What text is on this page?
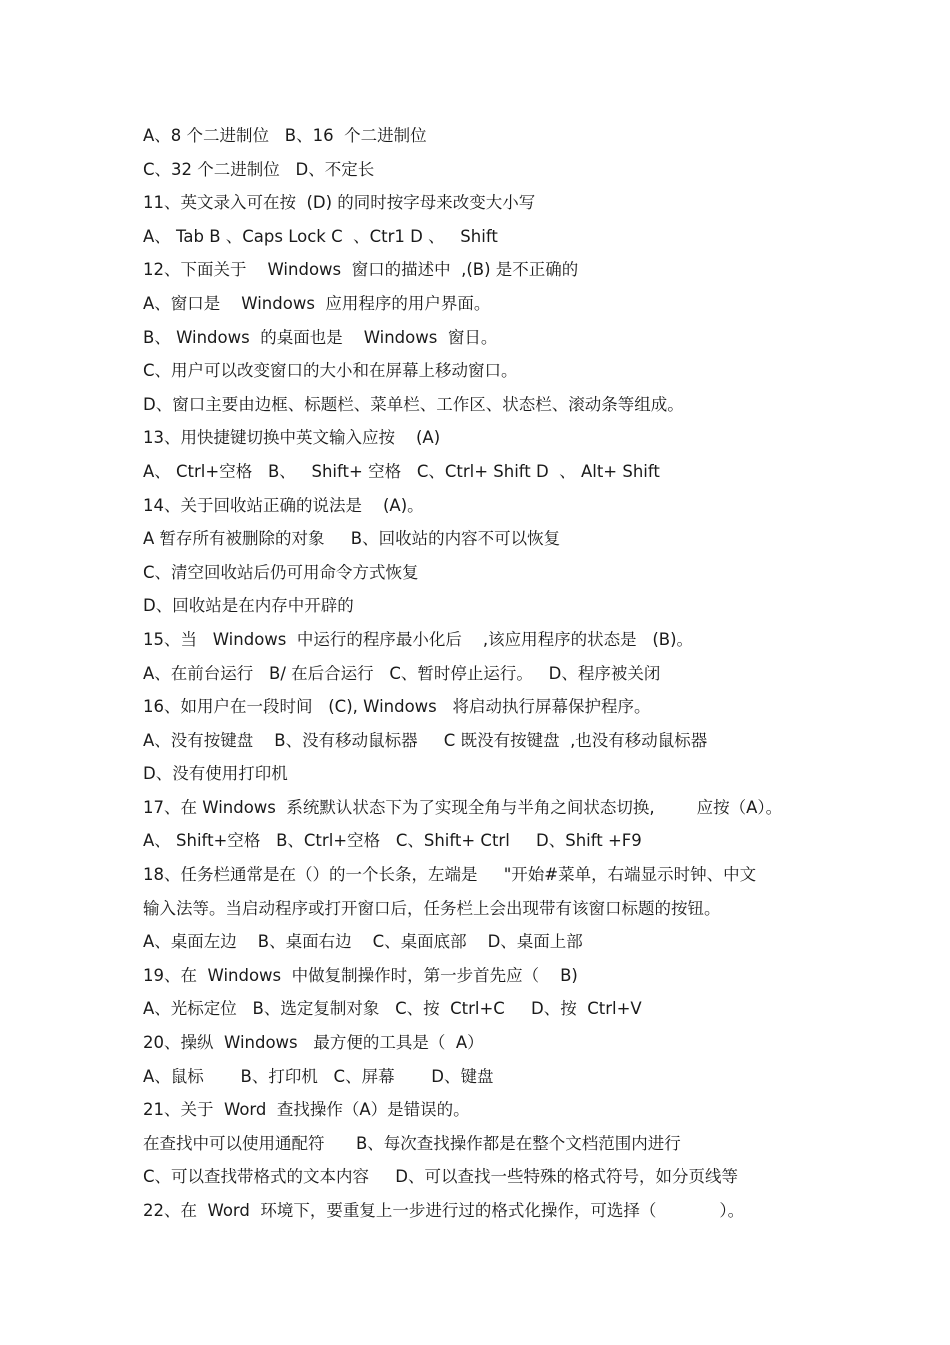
A、8 个二进制位   B、16  个二进制位
C、32 个二进制位   D、不定长
11、英文录入可在按  (D) 的同时按字母来改变大小写
A、 Tab B 、Caps Lock C  、Ctr1 D 、   Shift
12、下面关于    Windows  窗口的描述中  ,(B) 是不正确的
A、窗口是    Windows  应用程序的用户界面。
B、 Windows  的桌面也是    Windows  窗日。
C、用户可以改变窗口的大小和在屏幕上移动窗口。
D、窗口主要由边框、标题栏、菜单栏、工作区、状态栏、滚动条等组成。
13、用快捷键切换中英文输入应按    (A)
A、 Ctrl+空格   B、   Shift+ 空格   C、Ctrl+ Shift D  、 Alt+ Shift
14、关于回收站正确的说法是    (A)。
A 暂存所有被删除的对象     B、回收站的内容不可以恢复
C、清空回收站后仍可用命令方式恢复
D、回收站是在内存中开辟的
15、当   Windows  中运行的程序最小化后    ,该应用程序的状态是   (B)。
A、在前台运行   B/ 在后合运行   C、暂时停止运行。   D、程序被关闭
16、如用户在一段时间   (C), Windows   将启动执行屏幕保护程序。
A、没有按键盘    B、没有移动鼠标器     C 既没有按键盘  ,也没有移动鼠标器
D、没有使用打印机
17、在 Windows  系统默认状态下为了实现全角与半角之间状态切换,        应按（A）。
A、 Shift+空格   B、Ctrl+空格   C、Shift+ Ctrl     D、Shift +F9
18、任务栏通常是在（）的一个长条，左端是     "开始#菜单，右端显示时钟、中文
输入法等。当启动程序或打开窗口后，任务栏上会出现带有该窗口标题的按钮。
A、桌面左边    B、桌面右边    C、桌面底部    D、桌面上部
19、在  Windows  中做复制操作时，第一步首先应（    B)
A、光标定位   B、选定复制对象   C、按  Ctrl+C     D、按  Ctrl+V
20、操纵  Windows   最方便的工具是（  A）
A、鼠标       B、打印机   C、屏幕       D、键盘
21、关于  Word  查找操作（A）是错误的。
在查找中可以使用通配符      B、每次查找操作都是在整个文档范围内进行
C、可以查找带格式的文本内容     D、可以查找一些特殊的格式符号，如分页线等
22、在  Word  环境下，要重复上一步进行过的格式化操作，可选择（            ）。
